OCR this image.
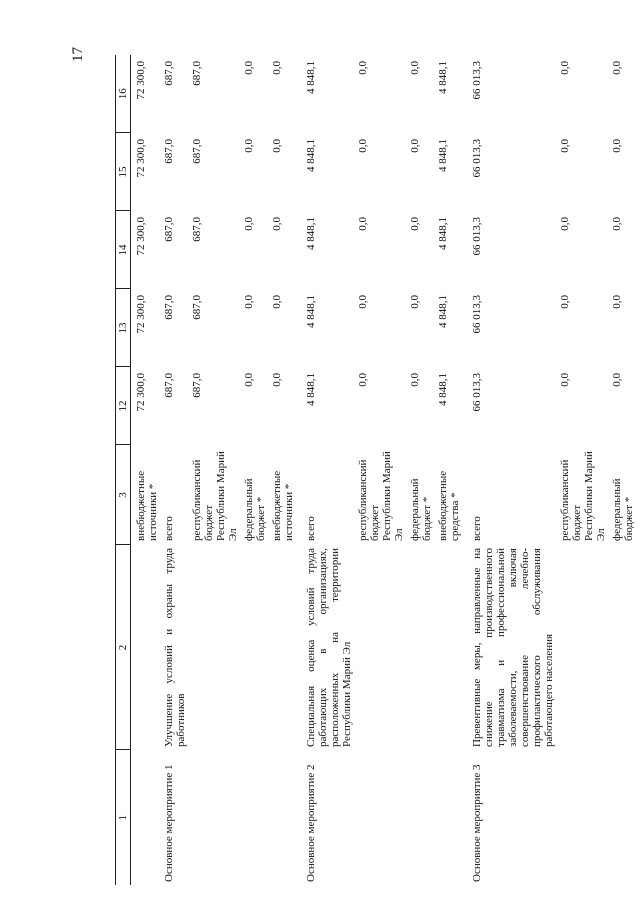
17
1	2	3	12	13	14	15	16
		внебюджетные источники *	72 300,0	72 300,0	72 300,0	72 300,0	72 300,0
Основное мероприятие 1	Улучшение условий и охраны труда работников	всего	687,0	687,0	687,0	687,0	687,0
		республиканский бюджет Республики Марий Эл	687,0	687,0	687,0	687,0	687,0
		федеральный бюджет *	0,0	0,0	0,0	0,0	0,0
		внебюджетные источники *	0,0	0,0	0,0	0,0	0,0

Основное мероприятие 2	Специальная оценка условий труда работающих в организациях, расположенных на территории Республики Марий Эл	всего	4 848,1	4 848,1	4 848,1	4 848,1	4 848,1
		республиканский бюджет Республики Марий Эл	0,0	0,0	0,0	0,0	0,0
		федеральный бюджет *	0,0	0,0	0,0	0,0	0,0
		внебюджетные средства *	4 848,1	4 848,1	4 848,1	4 848,1	4 848,1

Основное мероприятие 3	Превентивные меры, направленные на снижение производственного травматизма и профессиональной заболеваемости, включая совершенствование лечебно-профилактического обслуживания работающего населения	всего	66 013,3	66 013,3	66 013,3	66 013,3	66 013,3
		республиканский бюджет Республики Марий Эл	0,0	0,0	0,0	0,0	0,0
		федеральный бюджет *	0,0	0,0	0,0	0,0	0,0
